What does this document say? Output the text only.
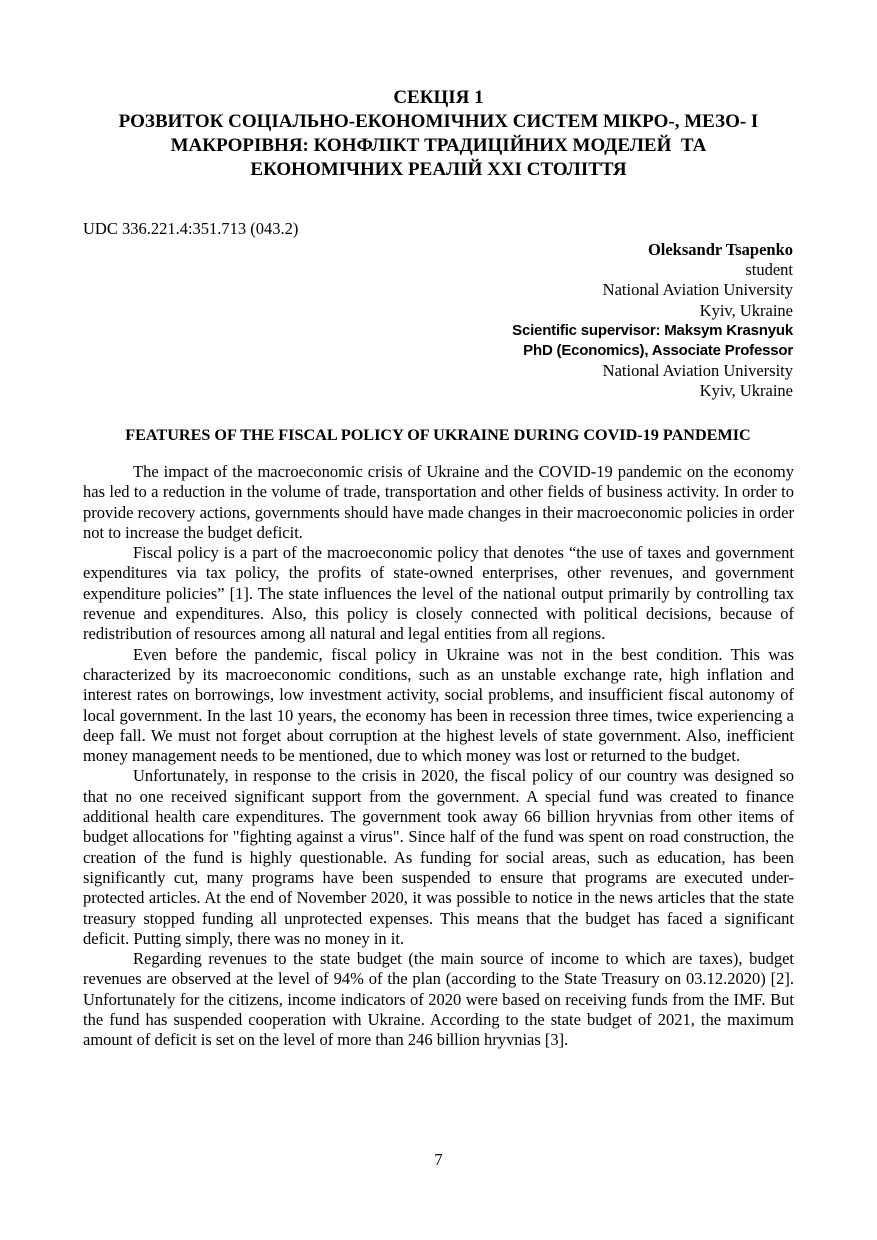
СЕКЦІЯ 1
РОЗВИТОК СОЦІАЛЬНО-ЕКОНОМІЧНИХ СИСТЕМ МІКРО-, МЕЗО- І
МАКРОРІВНЯ: КОНФЛІКТ ТРАДИЦІЙНИХ МОДЕЛЕЙ  ТА
ЕКОНОМІЧНИХ РЕАЛІЙ ХХІ СТОЛІТТЯ
UDC 336.221.4:351.713 (043.2)
Oleksandr Tsapenko
student
National Aviation University
Kyiv, Ukraine
Scientific supervisor: Maksym Krasnyuk
PhD (Economics), Associate Professor
National Aviation University
Kyiv, Ukraine
FEATURES OF THE FISCAL POLICY OF UKRAINE DURING COVID-19 PANDEMIC

The impact of the macroeconomic crisis of Ukraine and the COVID-19 pandemic on the economy has led to a reduction in the volume of trade, transportation and other fields of business activity. In order to provide recovery actions, governments should have made changes in their macroeconomic policies in order not to increase the budget deficit.

Fiscal policy is a part of the macroeconomic policy that denotes “the use of taxes and government expenditures via tax policy, the profits of state-owned enterprises, other revenues, and government expenditure policies” [1]. The state influences the level of the national output primarily by controlling tax revenue and expenditures. Also, this policy is closely connected with political decisions, because of redistribution of resources among all natural and legal entities from all regions.

Even before the pandemic, fiscal policy in Ukraine was not in the best condition. This was characterized by its macroeconomic conditions, such as an unstable exchange rate, high inflation and interest rates on borrowings, low investment activity, social problems, and insufficient fiscal autonomy of local government. In the last 10 years, the economy has been in recession three times, twice experiencing a deep fall. We must not forget about corruption at the highest levels of state government. Also, inefficient money management needs to be mentioned, due to which money was lost or returned to the budget.

Unfortunately, in response to the crisis in 2020, the fiscal policy of our country was designed so that no one received significant support from the government. A special fund was created to finance additional health care expenditures. The government took away 66 billion hryvnias from other items of budget allocations for "fighting against a virus". Since half of the fund was spent on road construction, the creation of the fund is highly questionable. As funding for social areas, such as education, has been significantly cut, many programs have been suspended to ensure that programs are executed under-protected articles. At the end of November 2020, it was possible to notice in the news articles that the state treasury stopped funding all unprotected expenses. This means that the budget has faced a significant deficit. Putting simply, there was no money in it.

Regarding revenues to the state budget (the main source of income to which are taxes), budget revenues are observed at the level of 94% of the plan (according to the State Treasury on 03.12.2020) [2]. Unfortunately for the citizens, income indicators of 2020 were based on receiving funds from the IMF. But the fund has suspended cooperation with Ukraine. According to the state budget of 2021, the maximum amount of deficit is set on the level of more than 246 billion hryvnias [3].

7
